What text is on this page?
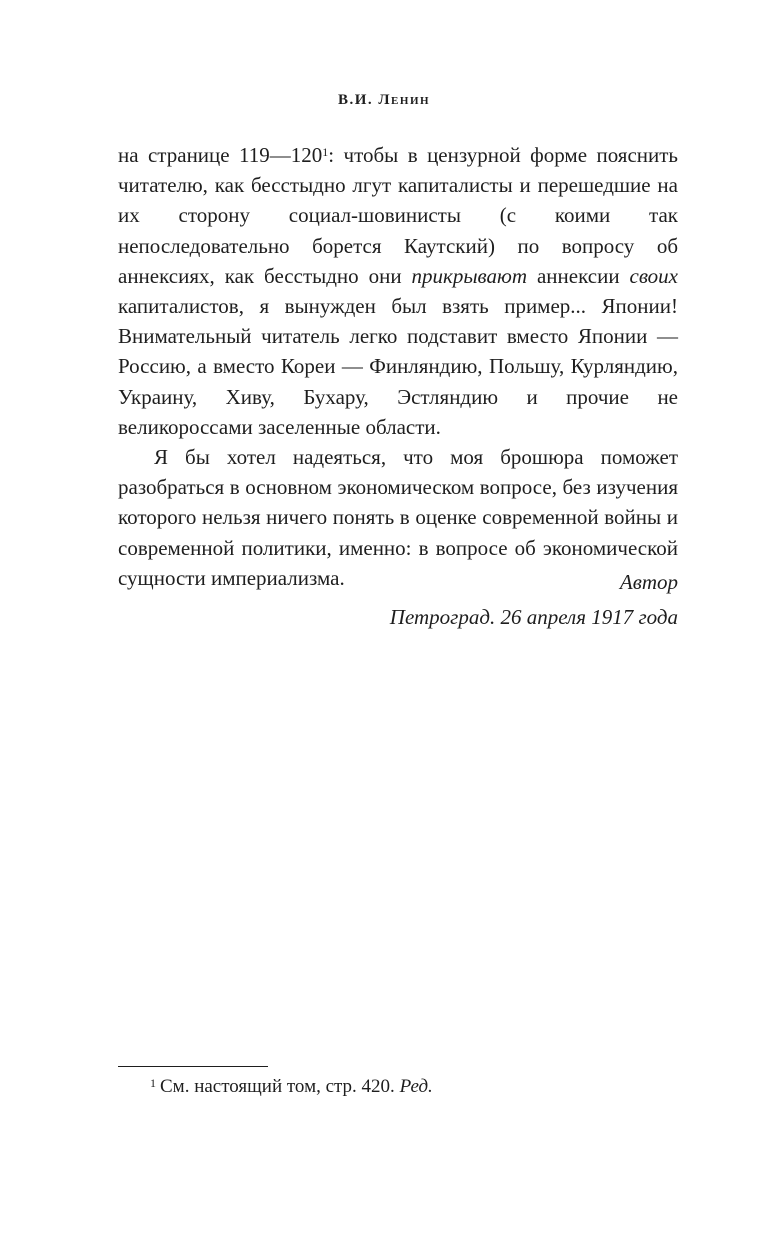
В.И. Ленин

на странице $119—120^1$: чтобы в цензурной форме пояснить читателю, как бесстыдно лгут капиталисты и перешедшие на их сторону социал-шовинисты (с коими так непоследовательно борется Каутский) по вопросу об аннексиях, как бесстыдно они прикрывают аннексии своих капиталистов, я вынужден был взять пример... Японии! Внимательный читатель легко подставит вместо Японии — Россию, а вместо Кореи — Финляндию, Польшу, Курляндию, Украину, Хиву, Бухару, Эстляндию и прочие не великороссами заселенные области.

Я бы хотел надеяться, что моя брошюра поможет разобраться в основном экономическом вопросе, без изучения которого нельзя ничего понять в оценке современной войны и современной политики, именно: в вопросе об экономической сущности империализма.	Автор
Петроград. 26 апреля 1917 года
$^1$ См. настоящий том, стр. 420. Ред.
